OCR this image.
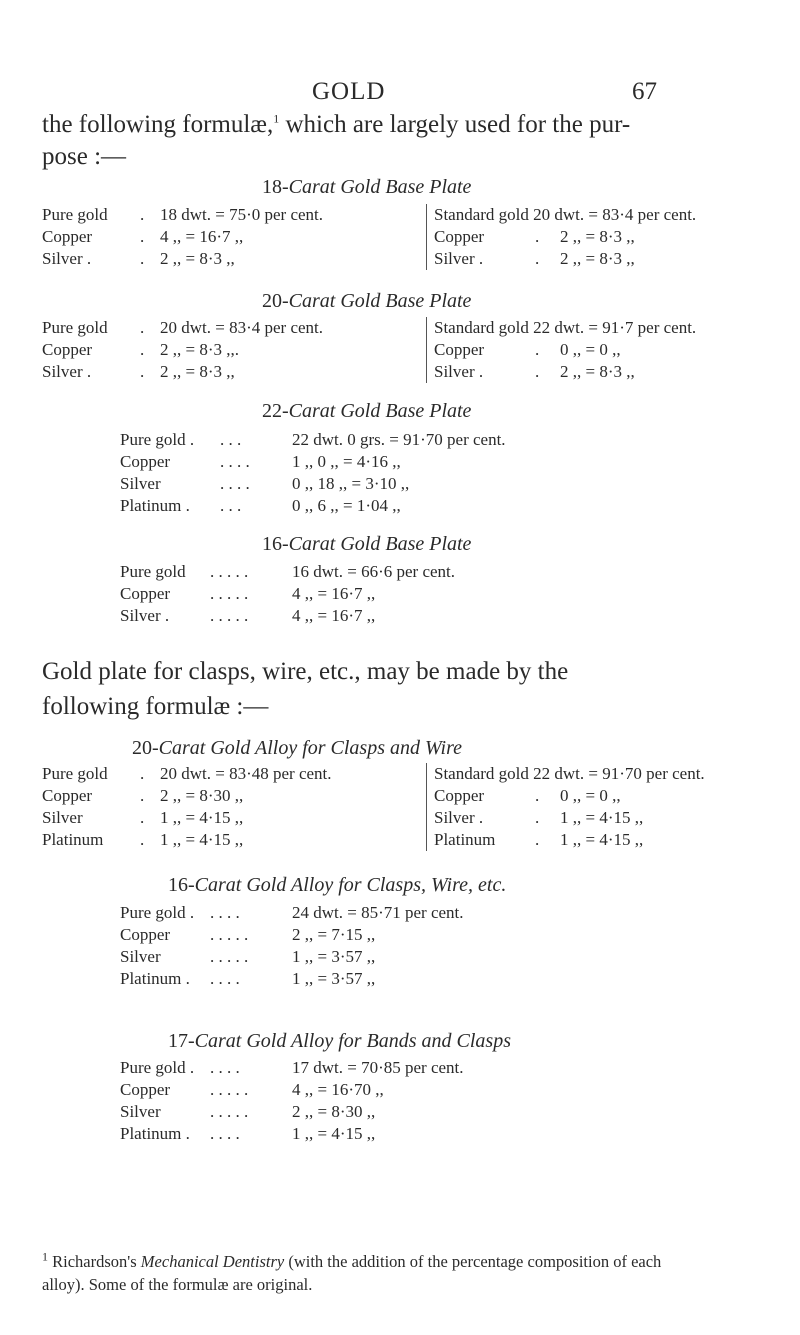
GOLD	67
the following formulæ,$^1$ which are largely used for the pur-
pose :—
18-Carat Gold Base Plate
Pure gold . 18 dwt. = 75·0 per cent.
Copper	. 4 ,, = 16·7 ,,
Silver .	. 2 ,, = 8·3 ,,
Standard gold 20 dwt. = 83·4 per cent.
Copper	. 2 ,, = 8·3 ,,
Silver .	. 2 ,, = 8·3 ,,
20-Carat Gold Base Plate
Pure gold . 20 dwt. = 83·4 per cent.
Copper	. 2 ,, = 8·3 ,,.
Silver .	. 2 ,, = 8·3 ,,
Standard gold 22 dwt. = 91·7 per cent.
Copper	. 0 ,, = 0 ,,
Silver .	. 2 ,, = 8·3 ,,
22-Carat Gold Base Plate
Pure gold . . . .	22 dwt. 0 grs. = 91·70 per cent.
Copper	. . . . 1 ,, 0 ,, = 4·16 ,,
Silver	. . . . 0 ,, 18 ,, = 3·10 ,,
Platinum . . . .	0 ,, 6 ,, = 1·04 ,,
16-Carat Gold Base Plate
Pure gold . . . . .	16 dwt. = 66·6 per cent.
Copper . . . . .	4 ,, = 16·7 ,,
Silver . . . . . .	4 ,, = 16·7 ,,
Gold plate for clasps, wire, etc., may be made by the
following formulæ :—
20-Carat Gold Alloy for Clasps and Wire
Pure gold . 20 dwt. = 83·48 per cent.
Copper	. 2 ,, = 8·30 ,,
Silver	. 1 ,, = 4·15 ,,
Platinum . 1 ,, = 4·15 ,,
Standard gold 22 dwt. = 91·70 per cent.
Copper	. 0 ,, = 0 ,,
Silver .	. 1 ,, = 4·15 ,,
Platinum . 1 ,, = 4·15 ,,
16-Carat Gold Alloy for Clasps, Wire, etc.
Pure gold . . . . .	24 dwt. = 85·71 per cent.
Copper . . . . .	2 ,, = 7·15 ,,
Silver	. . . . .	1 ,, = 3·57 ,,
Platinum . . . . .	1 ,, = 3·57 ,,
17-Carat Gold Alloy for Bands and Clasps
Pure gold . . . . .	17 dwt. = 70·85 per cent.
Copper . . . . .	4 ,, = 16·70 ,,
Silver	. . . . .	2 ,, = 8·30 ,,
Platinum . . . . .	1 ,, = 4·15 ,,
$^1$ Richardson's Mechanical Dentistry (with the addition of the percentage composition of each alloy). Some of the formulæ are original.
